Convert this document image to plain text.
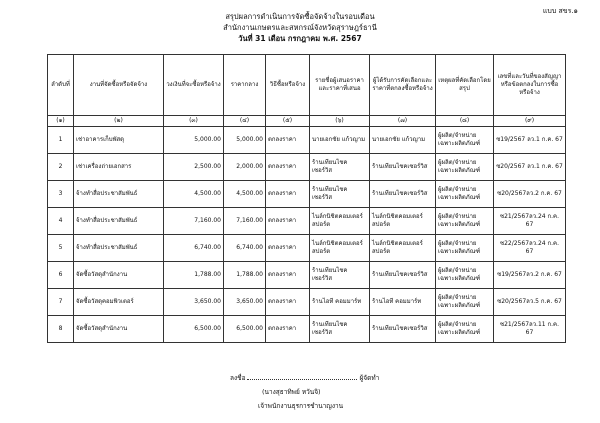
แบบ สขร.๑
สรุปผลการดำเนินการจัดซื้อจัดจ้างในรอบเดือน
สำนักงานเกษตรและสหกรณ์จังหวัดสุราษฎร์ธานี
วันที่ 31 เดือน กรกฎาคม พ.ศ. 2567
ลำดับที่	งานที่จัดซื้อหรือจัดจ้าง	วงเงินที่จะซื้อหรือจ้าง	ราคากลาง	วิธีซื้อหรือจ้าง	รายชื่อผู้เสนอราคาและราคาที่เสนอ	ผู้ได้รับการคัดเลือกและราคาที่ตกลงซื้อหรือจ้าง	เหตุผลที่คัดเลือกโดยสรุป	เลขที่และวันที่ของสัญญาหรือข้อตกลงในการซื้อหรือจ้าง
(๑)	(๒)	(๓)	(๔)	(๕)	(๖)	(๗)	(๘)	(๙)
1	เช่าอาคารเก็บพัสดุ	5,000.00	5,000.00	ตกลงราคา	นายเอกชัย แก้วญาม	นายเอกชัย แก้วญาม	ผู้ผลิต/จำหน่ายเฉพาะผลิตภัณฑ์	ซ19/2567 ลว.1 ก.ค. 67
2	เช่าเครื่องถ่ายเอกสาร	2,500.00	2,000.00	ตกลงราคา	ร้านเทียนไชคเซอร์วิส	ร้านเทียนไชคเซอร์วิส	ผู้ผลิต/จำหน่ายเฉพาะผลิตภัณฑ์	ซ20/2567 ลว.1 ก.ค. 67
3	จ้างทำสื่อประชาสัมพันธ์	4,500.00	4,500.00	ตกลงราคา	ร้านเทียนไชคเซอร์วิส	ร้านเทียนไชคเซอร์วิส	ผู้ผลิต/จำหน่ายเฉพาะผลิตภัณฑ์	ซ20/2567ลว.2 ก.ค. 67
4	จ้างทำสื่อประชาสัมพันธ์	7,160.00	7,160.00	ตกลงราคา	ไนล์กนิชิตคอมเตอร์สปอร์ต	ไนล์กนิชิตคอมเตอร์สปอร์ต	ผู้ผลิต/จำหน่ายเฉพาะผลิตภัณฑ์	ซ21/2567ลว.24 ก.ค. 67
5	จ้างทำสื่อประชาสัมพันธ์	6,740.00	6,740.00	ตกลงราคา	ไนล์กนิชิตคอมเตอร์สปอร์ต	ไนล์กนิชิตคอมเตอร์สปอร์ต	ผู้ผลิต/จำหน่ายเฉพาะผลิตภัณฑ์	ซ22/2567ลว.24 ก.ค. 67
6	จัดซื้อวัสดุสำนักงาน	1,788.00	1,788.00	ตกลงราคา	ร้านเทียนไชคเซอร์วิส	ร้านเทียนไชคเซอร์วิส	ผู้ผลิต/จำหน่ายเฉพาะผลิตภัณฑ์	ซ19/2567ลว.2 ก.ค. 67
7	จัดซื้อวัสดุคอมพิวเตอร์	3,650.00	3,650.00	ตกลงราคา	ร้านไอที คอมมาร์ท	ร้านไอที คอมมาร์ท	ผู้ผลิต/จำหน่ายเฉพาะผลิตภัณฑ์	ซ20/2567ลว.5 ก.ค. 67
8	จัดซื้อวัสดุสำนักงาน	6,500.00	6,500.00	ตกลงราคา	ร้านเทียนไชคเซอร์วิส	ร้านเทียนไชคเซอร์วิส	ผู้ผลิต/จำหน่ายเฉพาะผลิตภัณฑ์	ซ21/2567ลว.11 ก.ค. 67
ลงชื่อ	ผู้จัดทำ
(นางสุธาทิพย์ หวันจิ)
เจ้าพนักงานธุรการชำนาญงาน
